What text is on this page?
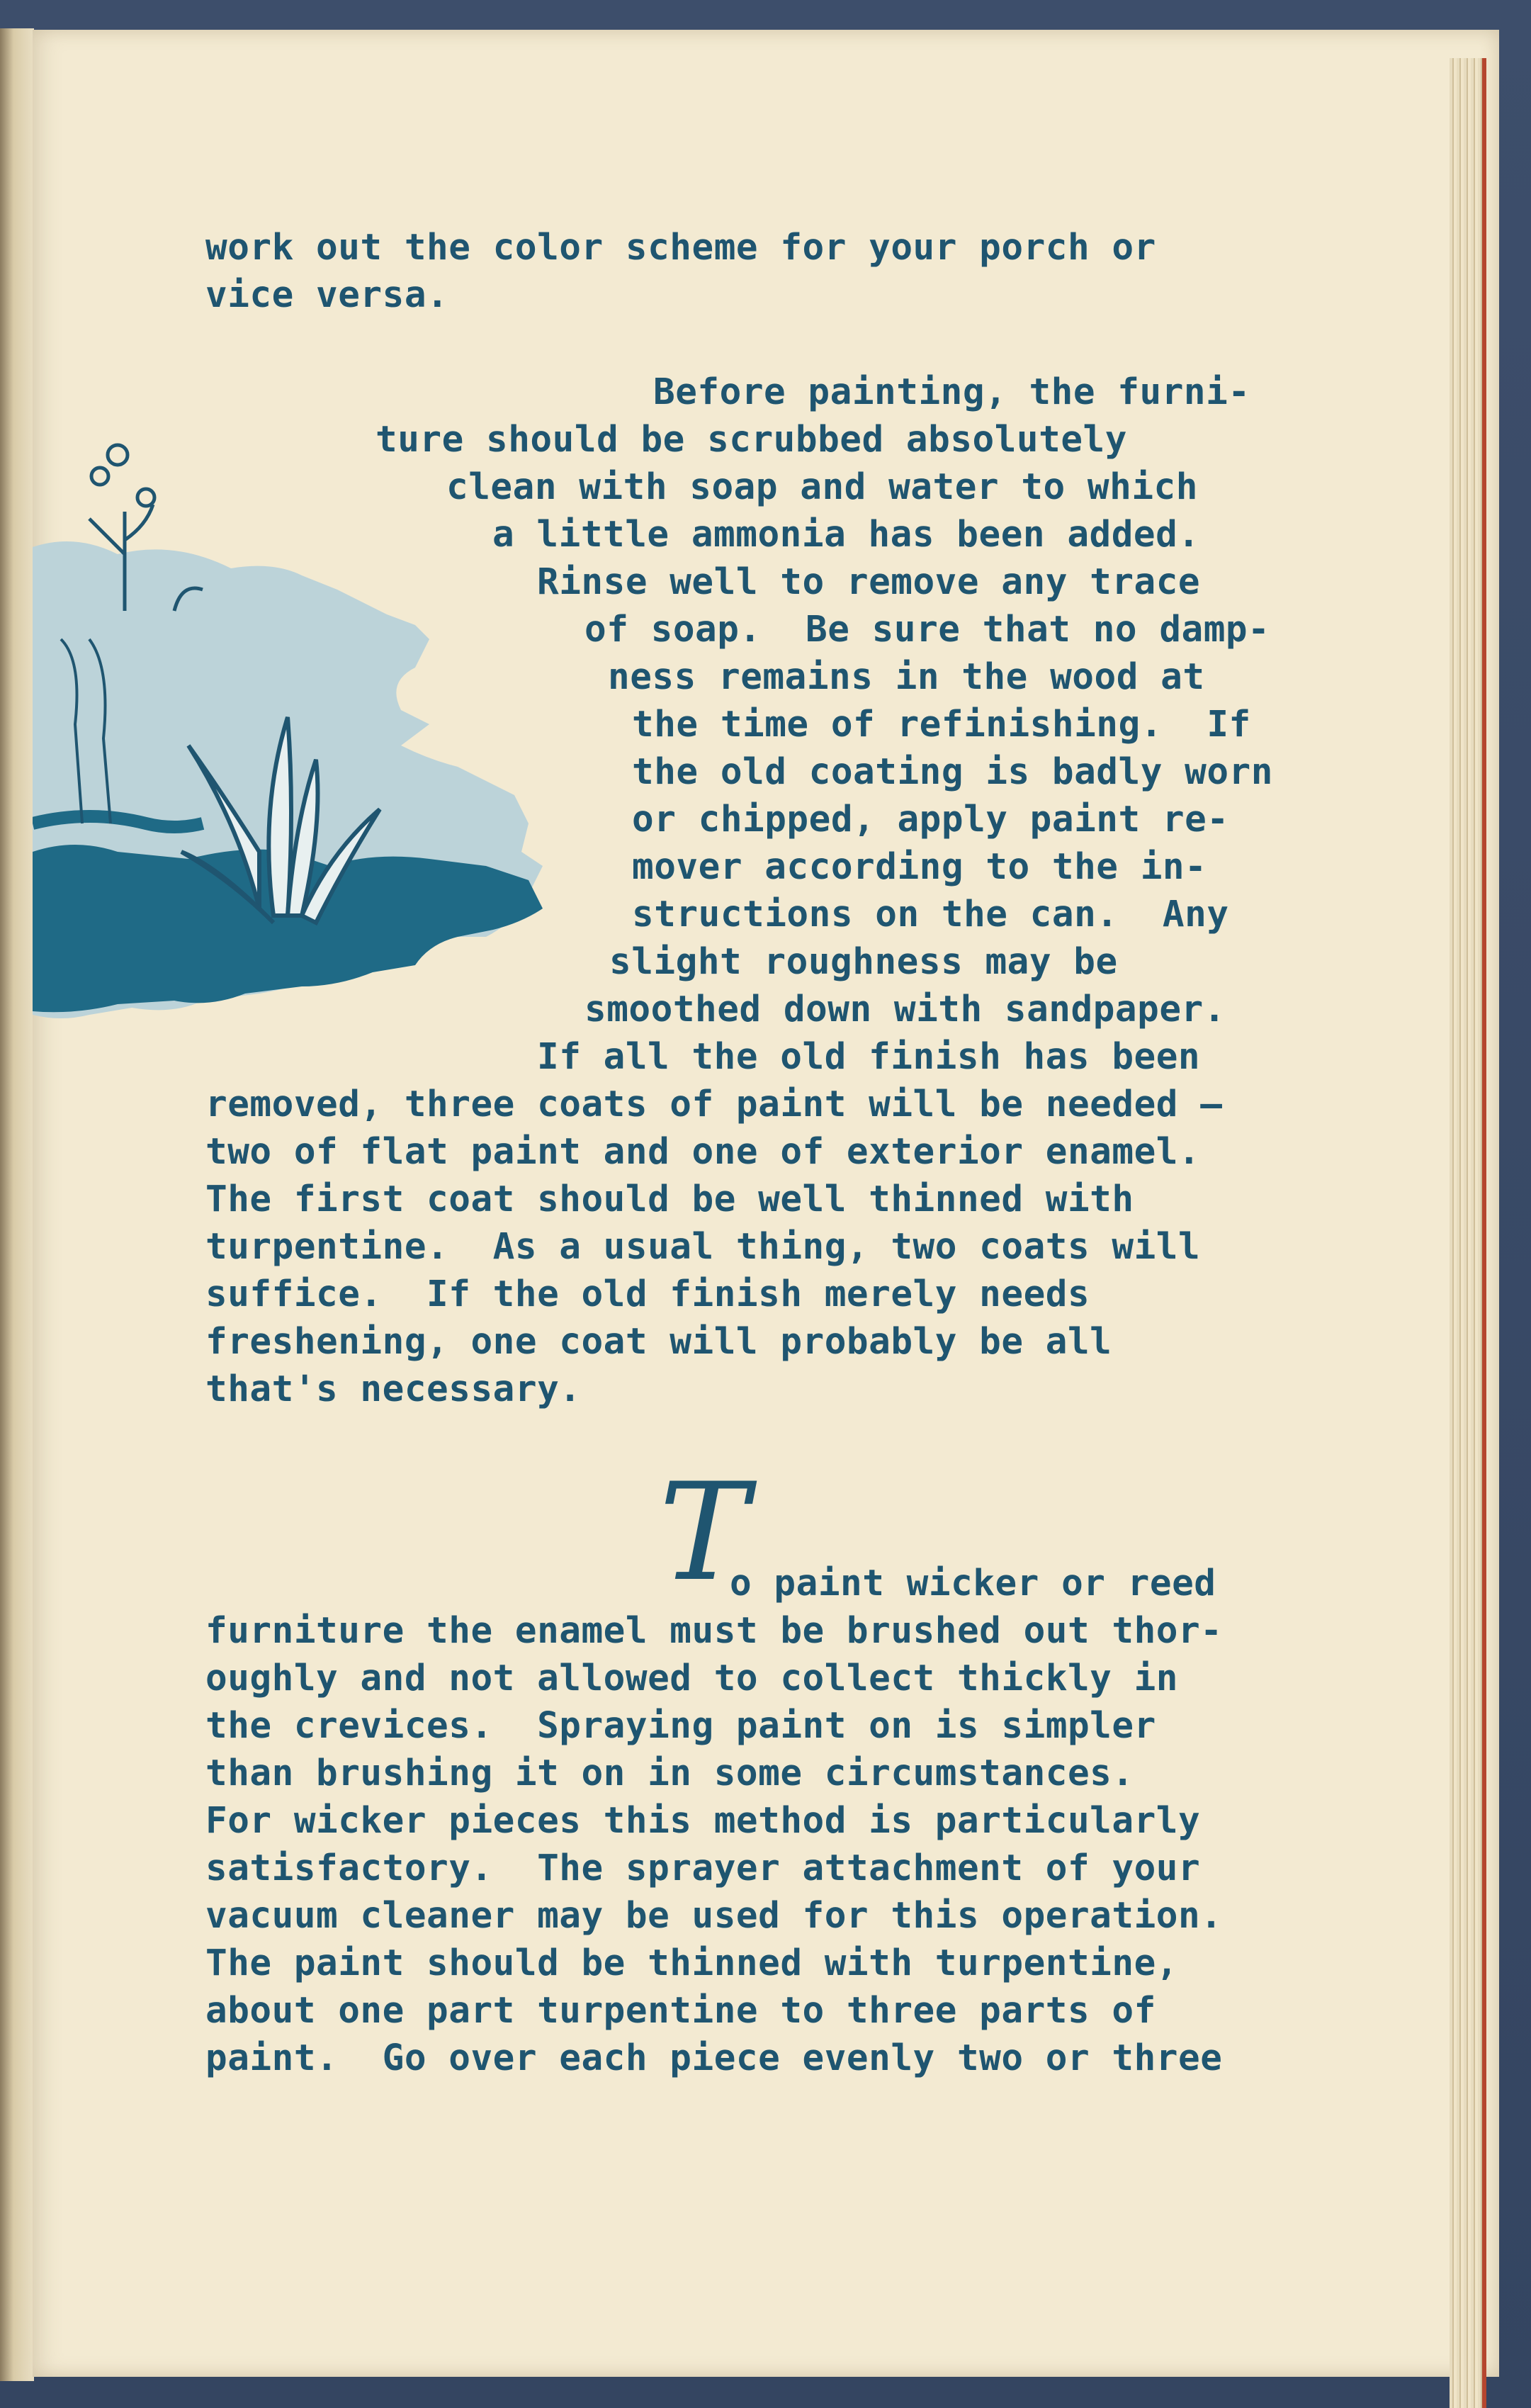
work out the color scheme for your porch or

vice versa.

Before painting, the furni-

ture should be scrubbed absolutely

clean with soap and water to which

a little ammonia has been added.

Rinse well to remove any trace

of soap.  Be sure that no damp-

ness remains in the wood at

the time of refinishing.  If

the old coating is badly worn

or chipped, apply paint re-

mover according to the in-

structions on the can.  Any

slight roughness may be

smoothed down with sandpaper.

If all the old finish has been

removed, three coats of paint will be needed —

two of flat paint and one of exterior enamel.

The first coat should be well thinned with

turpentine.  As a usual thing, two coats will

suffice.  If the old finish merely needs

freshening, one coat will probably be all

that's necessary.

T

o paint wicker or reed

furniture the enamel must be brushed out thor-

oughly and not allowed to collect thickly in

the crevices.  Spraying paint on is simpler

than brushing it on in some circumstances.

For wicker pieces this method is particularly

satisfactory.  The sprayer attachment of your

vacuum cleaner may be used for this operation.

The paint should be thinned with turpentine,

about one part turpentine to three parts of

paint.  Go over each piece evenly two or three
